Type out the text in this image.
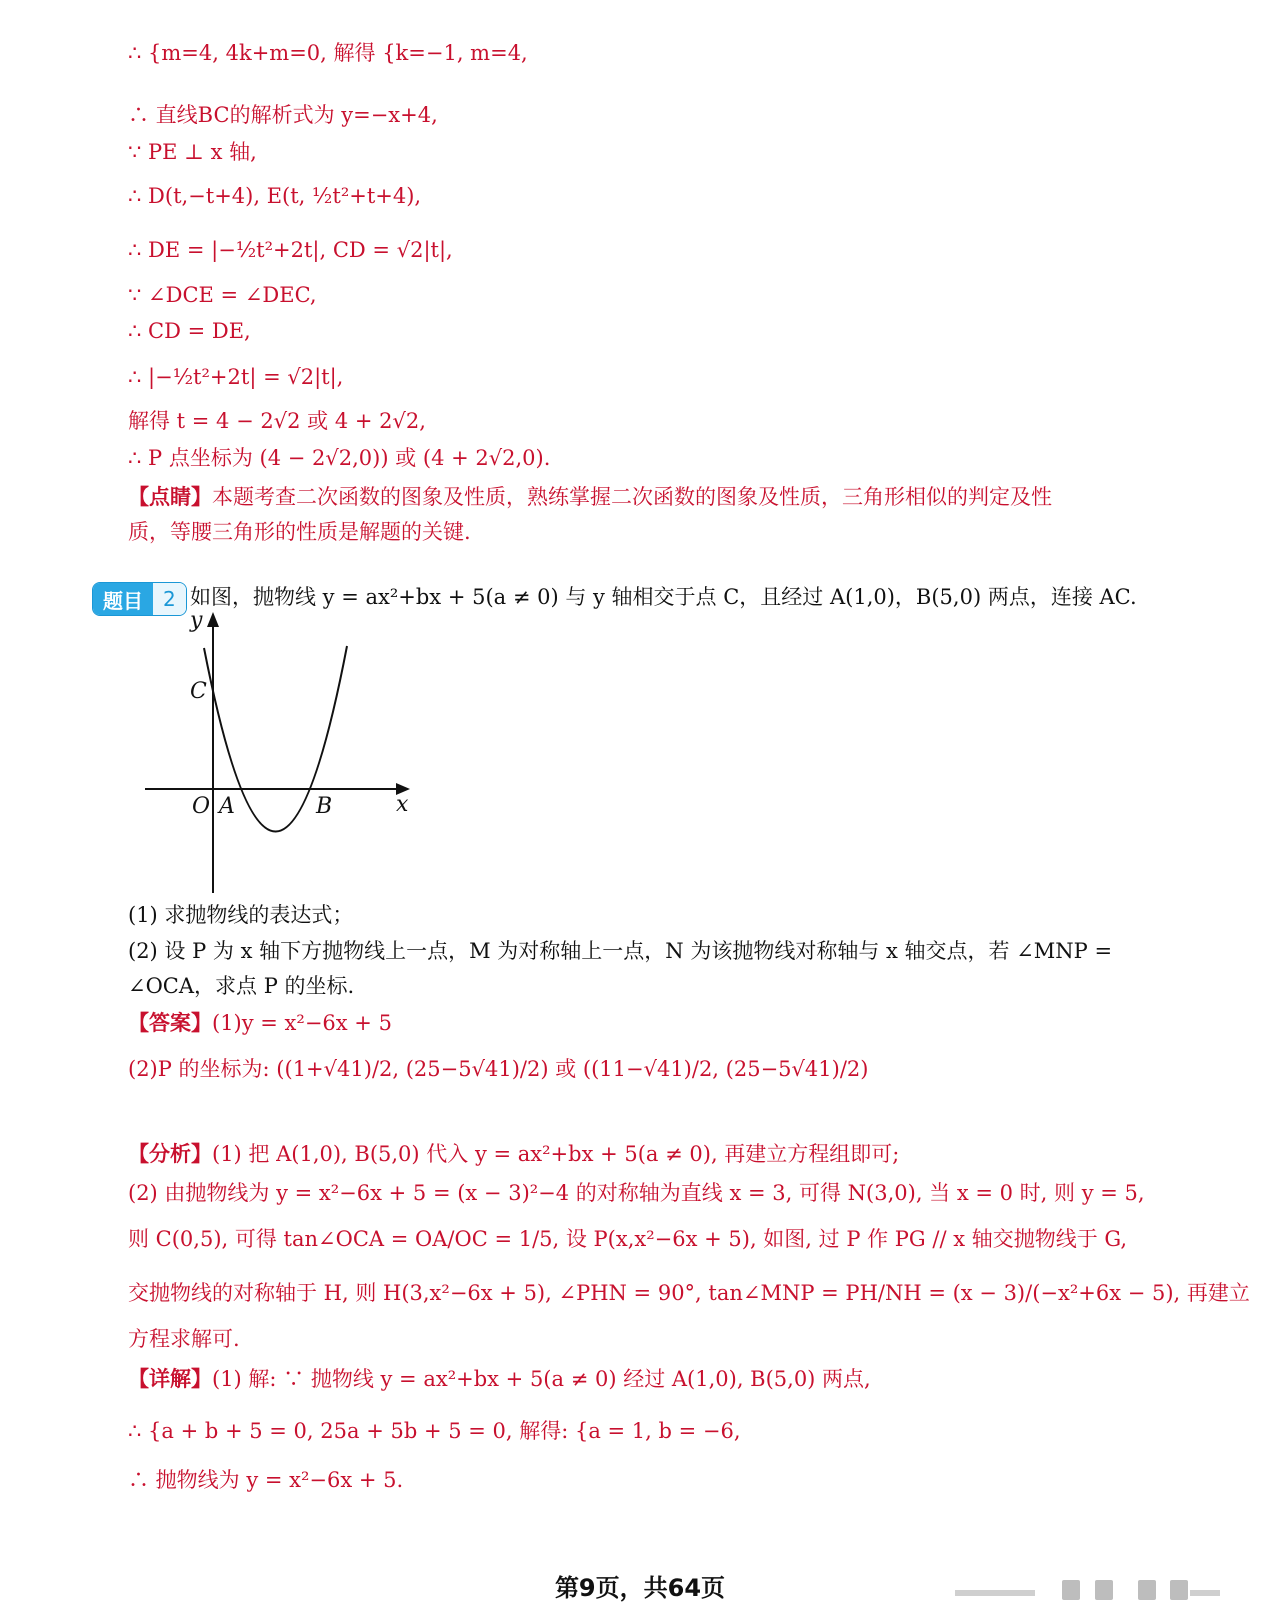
∴ {m=4, 4k+m=0, 解得 {k=−1, m=4,
∴ 直线BC的解析式为 y=−x+4,
∵ PE ⊥ x 轴,
∴ D(t,−t+4), E(t, ½t²+t+4),
∴ DE = |−½t²+2t|, CD = √2|t|,
∵ ∠DCE = ∠DEC,
∴ CD = DE,
∴ |−½t²+2t| = √2|t|,
解得 t = 4 − 2√2 或 4 + 2√2,
∴ P 点坐标为 (4 − 2√2,0)) 或 (4 + 2√2,0).
【点睛】本题考查二次函数的图象及性质，熟练掌握二次函数的图象及性质，三角形相似的判定及性
质，等腰三角形的性质是解题的关键.
题目	2 如图，抛物线 y = ax²+bx + 5(a ≠ 0) 与 y 轴相交于点 C，且经过 A(1,0)，B(5,0) 两点，连接 AC.
y
x
C
O A	B
(1) 求抛物线的表达式；
(2) 设 P 为 x 轴下方抛物线上一点，M 为对称轴上一点，N 为该抛物线对称轴与 x 轴交点，若 ∠MNP =
∠OCA，求点 P 的坐标.
【答案】(1)y = x²−6x + 5
(2)P 的坐标为: ((1+√41)/2, (25−5√41)/2) 或 ((11−√41)/2, (25−5√41)/2)
【分析】(1) 把 A(1,0), B(5,0) 代入 y = ax²+bx + 5(a ≠ 0), 再建立方程组即可;
(2) 由抛物线为 y = x²−6x + 5 = (x − 3)²−4 的对称轴为直线 x = 3, 可得 N(3,0), 当 x = 0 时, 则 y = 5,
则 C(0,5), 可得 tan∠OCA = OA/OC = 1/5, 设 P(x,x²−6x + 5), 如图, 过 P 作 PG // x 轴交抛物线于 G,
交抛物线的对称轴于 H, 则 H(3,x²−6x + 5), ∠PHN = 90°, tan∠MNP = PH/NH = (x − 3)/(−x²+6x − 5), 再建立
方程求解可.
【详解】(1) 解: ∵ 抛物线 y = ax²+bx + 5(a ≠ 0) 经过 A(1,0), B(5,0) 两点,
∴ {a + b + 5 = 0, 25a + 5b + 5 = 0, 解得: {a = 1, b = −6,
∴ 抛物线为 y = x²−6x + 5.
第9页，共64页
